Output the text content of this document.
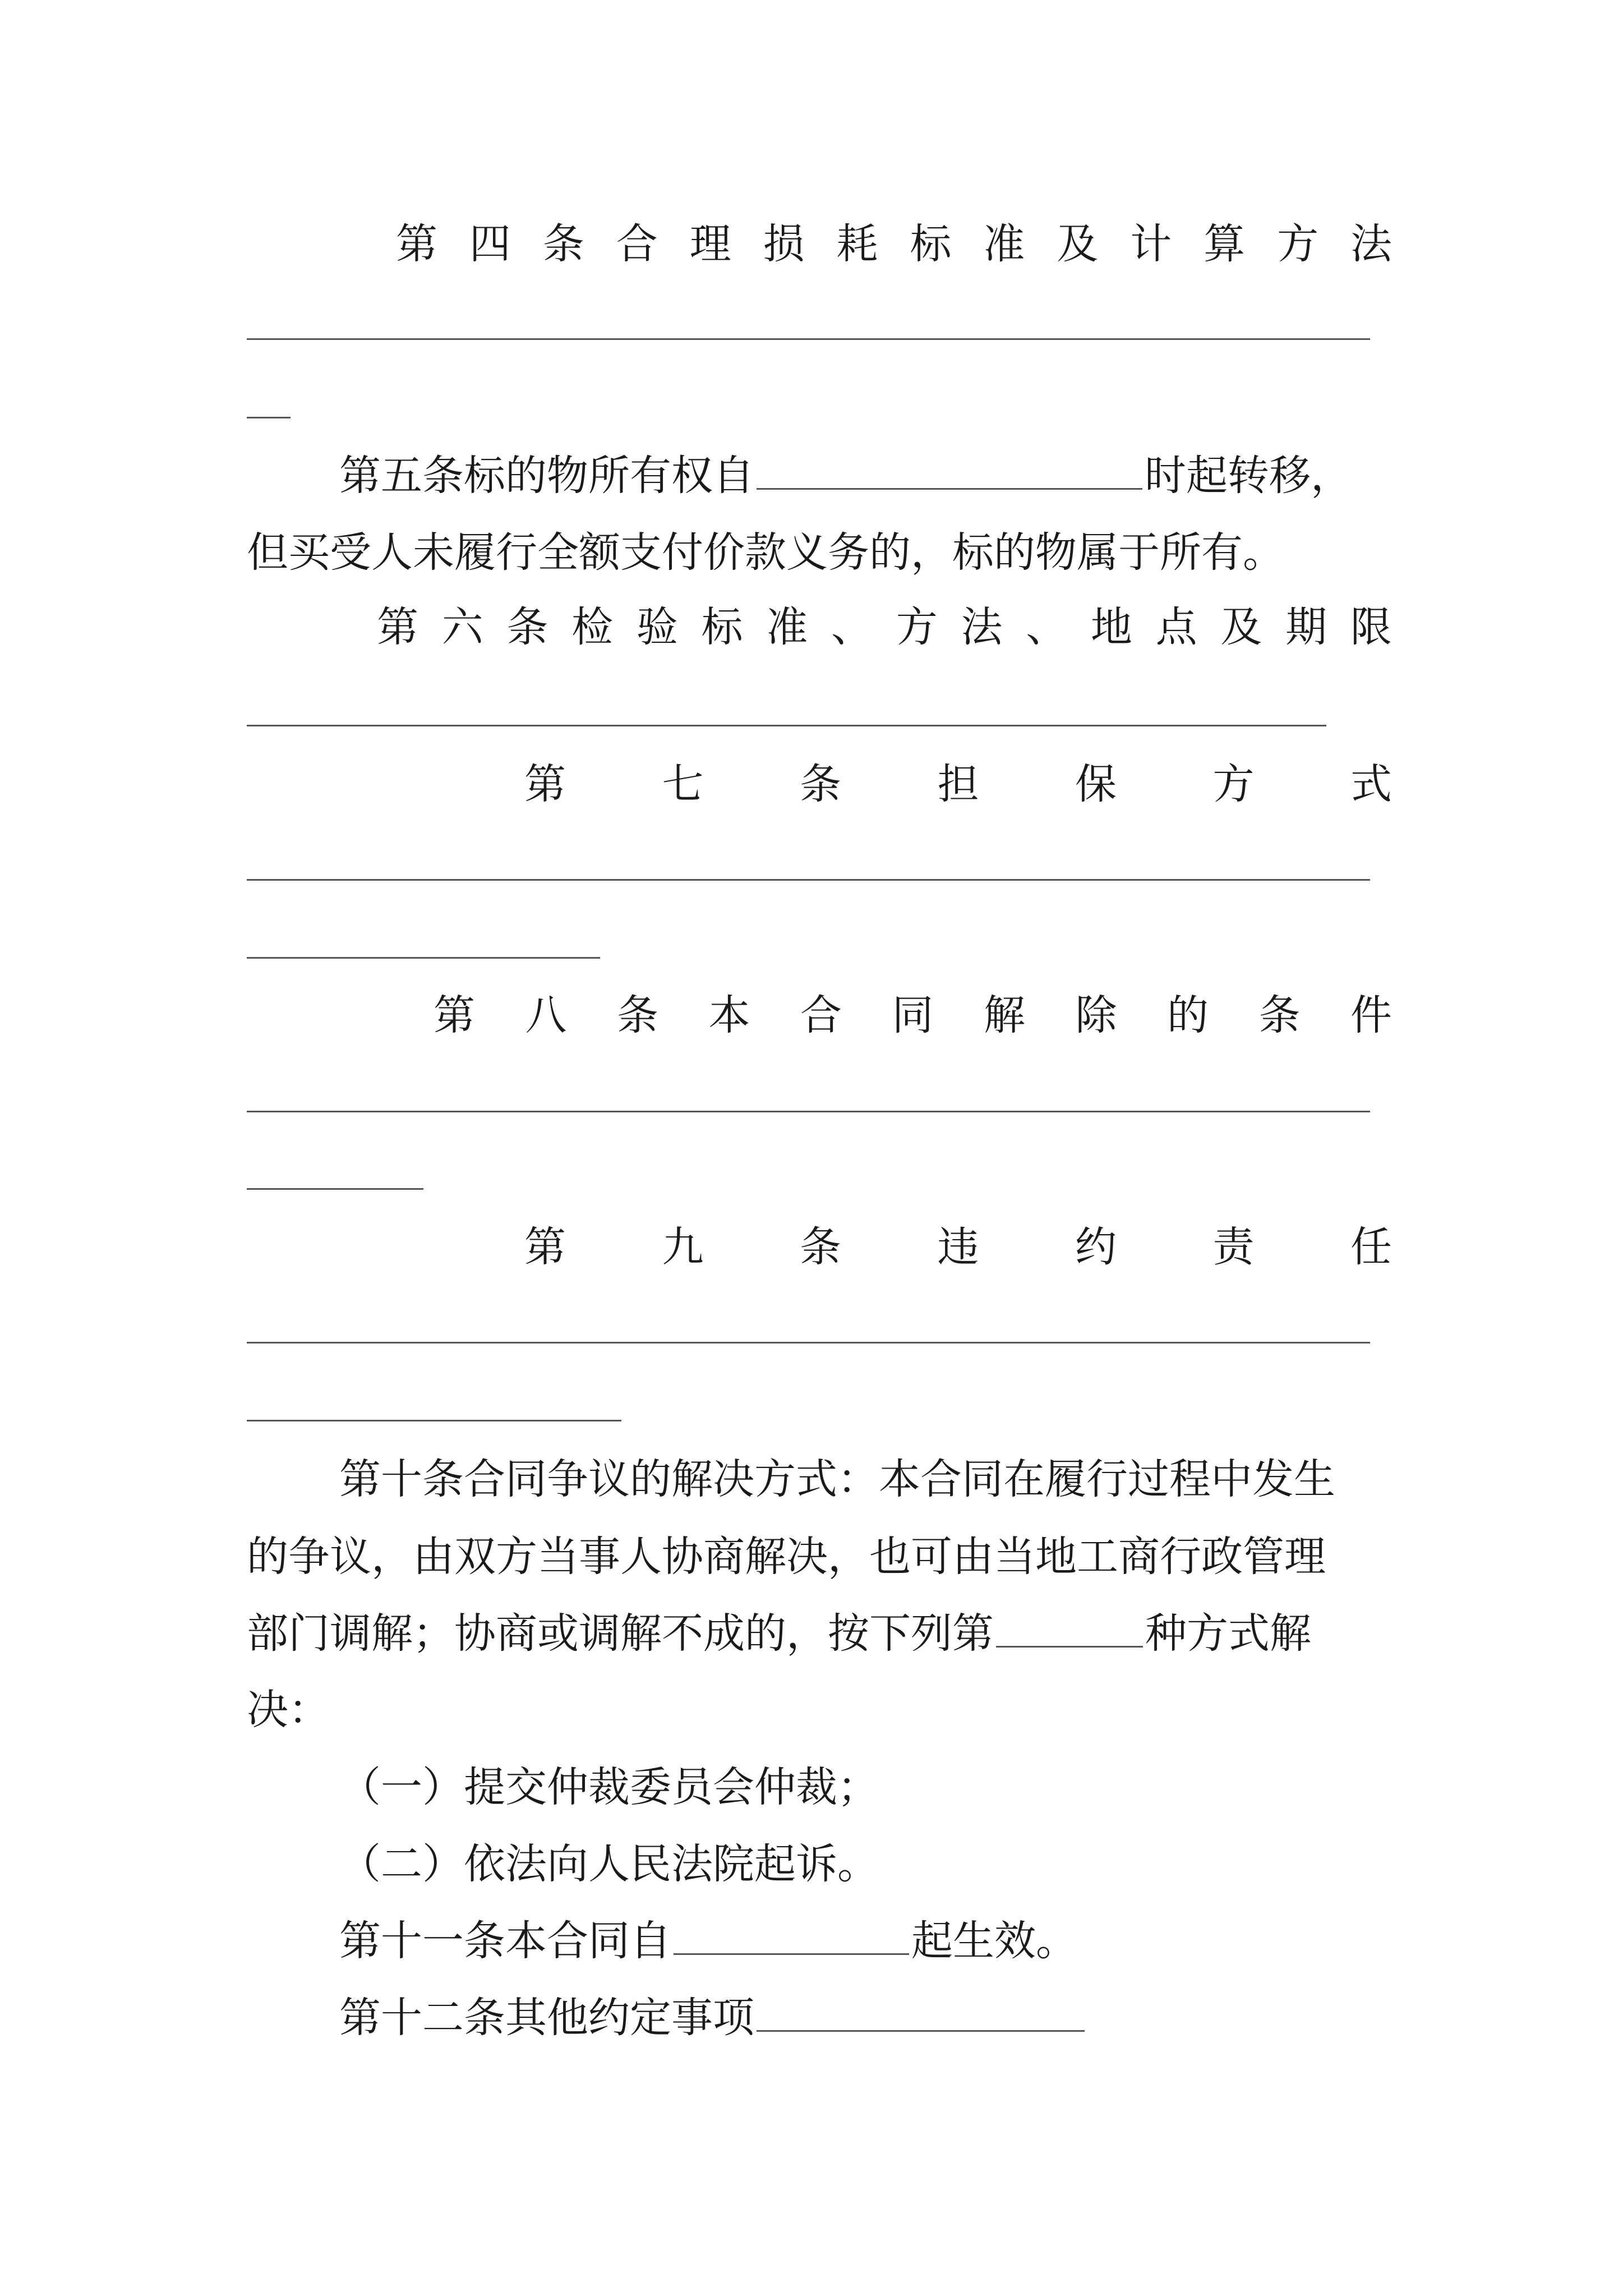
第 四 条 合 理 损 耗 标 准 及 计 算 方 法
第五条标的物所有权自	时起转移，
但买受人未履行全额支付价款义务的，标的物属于所有。
第 六 条 检 验 标 准 、 方 法 、 地 点 及 期 限
第 七 条 担 保 方 式
第 八 条 本 合 同 解 除 的 条 件
第 九 条 违 约 责 任
第十条合同争议的解决方式：本合同在履行过程中发生
的争议，由双方当事人协商解决，也可由当地工商行政管理
部门调解；协商或调解不成的，按下列第	种方式解
决：
（一）提交仲裁委员会仲裁；
（二）依法向人民法院起诉。
第十一条本合同自	起生效。
第十二条其他约定事项
